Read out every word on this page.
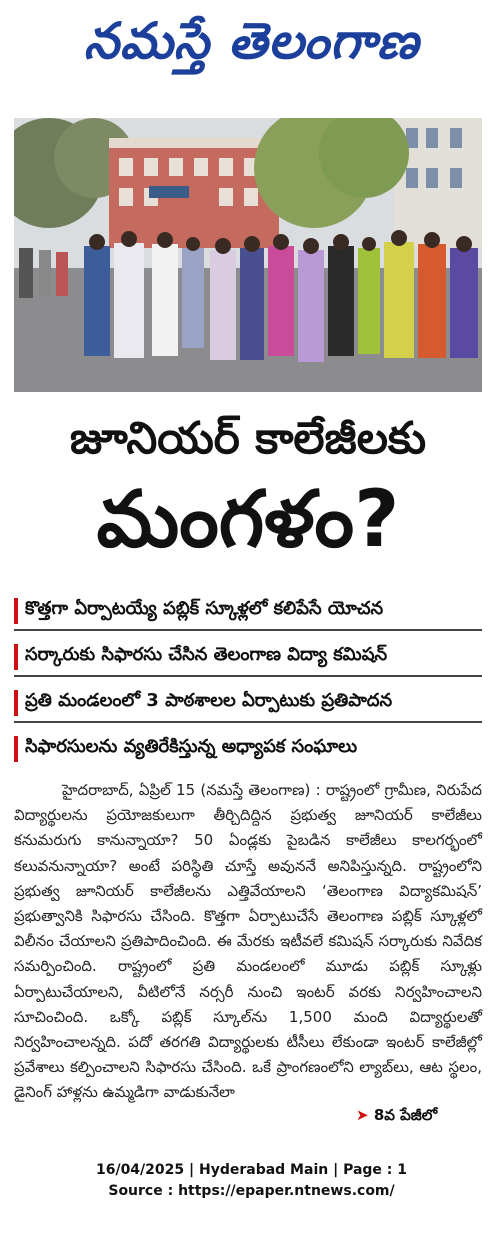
నమస్తే తెలంగాణ
జూనియర్ కాలేజీలకు
మంగళం?
కొత్తగా ఏర్పాటయ్యే పబ్లిక్ స్కూళ్లలో కలిపేసే యోచన
సర్కారుకు సిఫారసు చేసిన తెలంగాణ విద్యా కమిషన్
ప్రతి మండలంలో 3 పాఠశాలల ఏర్పాటుకు ప్రతిపాదన
సిఫారసులను వ్యతిరేకిస్తున్న అధ్యాపక సంఘాలు
హైదరాబాద్, ఏప్రిల్ 15 (నమస్తే తెలంగాణ) : రాష్ట్రంలో గ్రామీణ, నిరుపేద విద్యార్థులను ప్రయోజకులుగా తీర్చిదిద్దిన ప్రభుత్వ జూనియర్ కాలేజీలు కనుమరుగు కానున్నాయా? 50 ఏండ్లకు పైబడిన కాలేజీలు కాలగర్భంలో కలువనున్నాయా? అంటే పరిస్థితి చూస్తే అవుననే అనిపిస్తున్నది. రాష్ట్రంలోని ప్రభుత్వ జూనియర్ కాలేజీలను ఎత్తివేయాలని ‘తెలంగాణ విద్యాకమిషన్’ ప్రభుత్వానికి సిఫారసు చేసింది. కొత్తగా ఏర్పాటుచేసే తెలంగాణ పబ్లిక్ స్కూళ్లలో విలీనం చేయాలని ప్రతిపాదించింది. ఈ మేరకు ఇటీవలే కమిషన్ సర్కారుకు నివేదిక సమర్పించింది. రాష్ట్రంలో ప్రతి మండలంలో మూడు పబ్లిక్ స్కూళ్లు ఏర్పాటుచేయాలని, వీటిలోనే నర్సరీ నుంచి ఇంటర్ వరకు నిర్వహించాలని సూచించింది. ఒక్కో పబ్లిక్ స్కూల్‌ను 1,500 మంది విద్యార్థులతో నిర్వహించాలన్నది. పదో తరగతి విద్యార్థులకు టీసీలు లేకుండా ఇంటర్ కాలేజీల్లో ప్రవేశాలు కల్పించాలని సిఫారసు చేసింది. ఒకే ప్రాంగణంలోని ల్యాబ్‌లు, ఆట స్థలం, డైనింగ్ హాళ్లను ఉమ్మడిగా వాడుకునేలా
➤ 8వ పేజీలో
16/04/2025 | Hyderabad Main | Page : 1
Source : https://epaper.ntnews.com/
